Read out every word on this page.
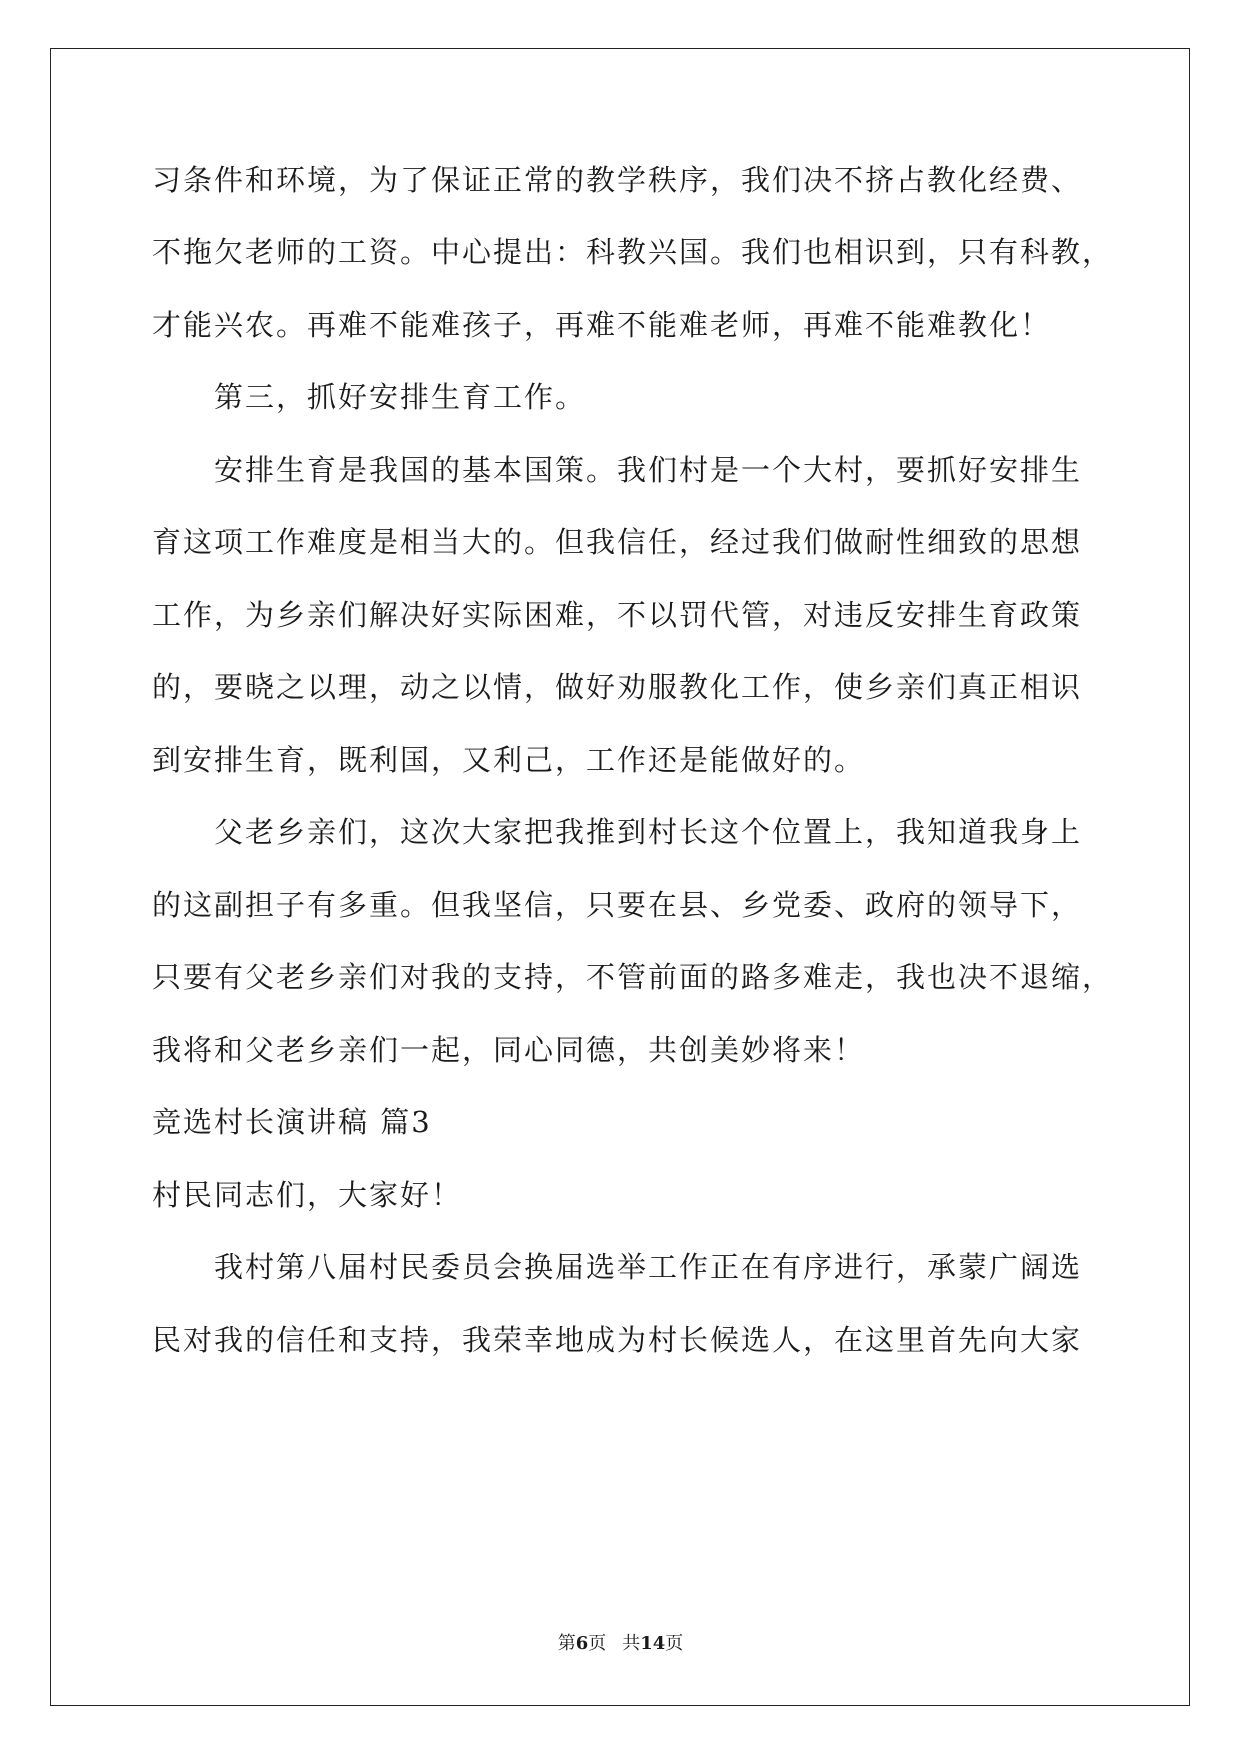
习条件和环境，为了保证正常的教学秩序，我们决不挤占教化经费、
不拖欠老师的工资。中心提出：科教兴国。我们也相识到，只有科教，
才能兴农。再难不能难孩子，再难不能难老师，再难不能难教化！
第三，抓好安排生育工作。
安排生育是我国的基本国策。我们村是一个大村，要抓好安排生
育这项工作难度是相当大的。但我信任，经过我们做耐性细致的思想
工作，为乡亲们解决好实际困难，不以罚代管，对违反安排生育政策
的，要晓之以理，动之以情，做好劝服教化工作，使乡亲们真正相识
到安排生育，既利国，又利己，工作还是能做好的。
父老乡亲们，这次大家把我推到村长这个位置上，我知道我身上
的这副担子有多重。但我坚信，只要在县、乡党委、政府的领导下，
只要有父老乡亲们对我的支持，不管前面的路多难走，我也决不退缩，
我将和父老乡亲们一起，同心同德，共创美妙将来！
竞选村长演讲稿 篇3
村民同志们，大家好！
我村第八届村民委员会换届选举工作正在有序进行，承蒙广阔选
民对我的信任和支持，我荣幸地成为村长候选人，在这里首先向大家
第6页 共14页
